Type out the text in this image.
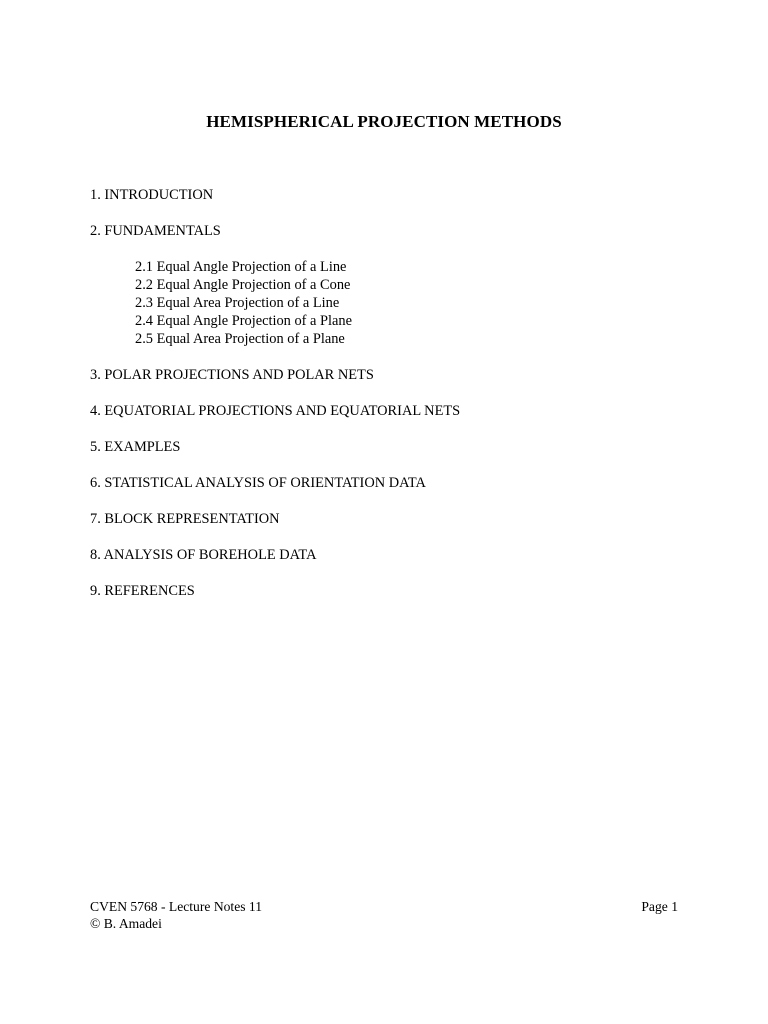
HEMISPHERICAL PROJECTION METHODS
1. INTRODUCTION
2. FUNDAMENTALS
2.1 Equal Angle Projection of a Line
2.2 Equal Angle Projection of a Cone
2.3 Equal Area Projection of a Line
2.4 Equal Angle Projection of a Plane
2.5 Equal Area Projection of a Plane
3. POLAR PROJECTIONS AND POLAR NETS
4. EQUATORIAL PROJECTIONS AND EQUATORIAL NETS
5. EXAMPLES
6. STATISTICAL ANALYSIS OF ORIENTATION DATA
7. BLOCK REPRESENTATION
8. ANALYSIS OF BOREHOLE DATA
9. REFERENCES
CVEN 5768 - Lecture Notes 11
© B. Amadei
Page 1
